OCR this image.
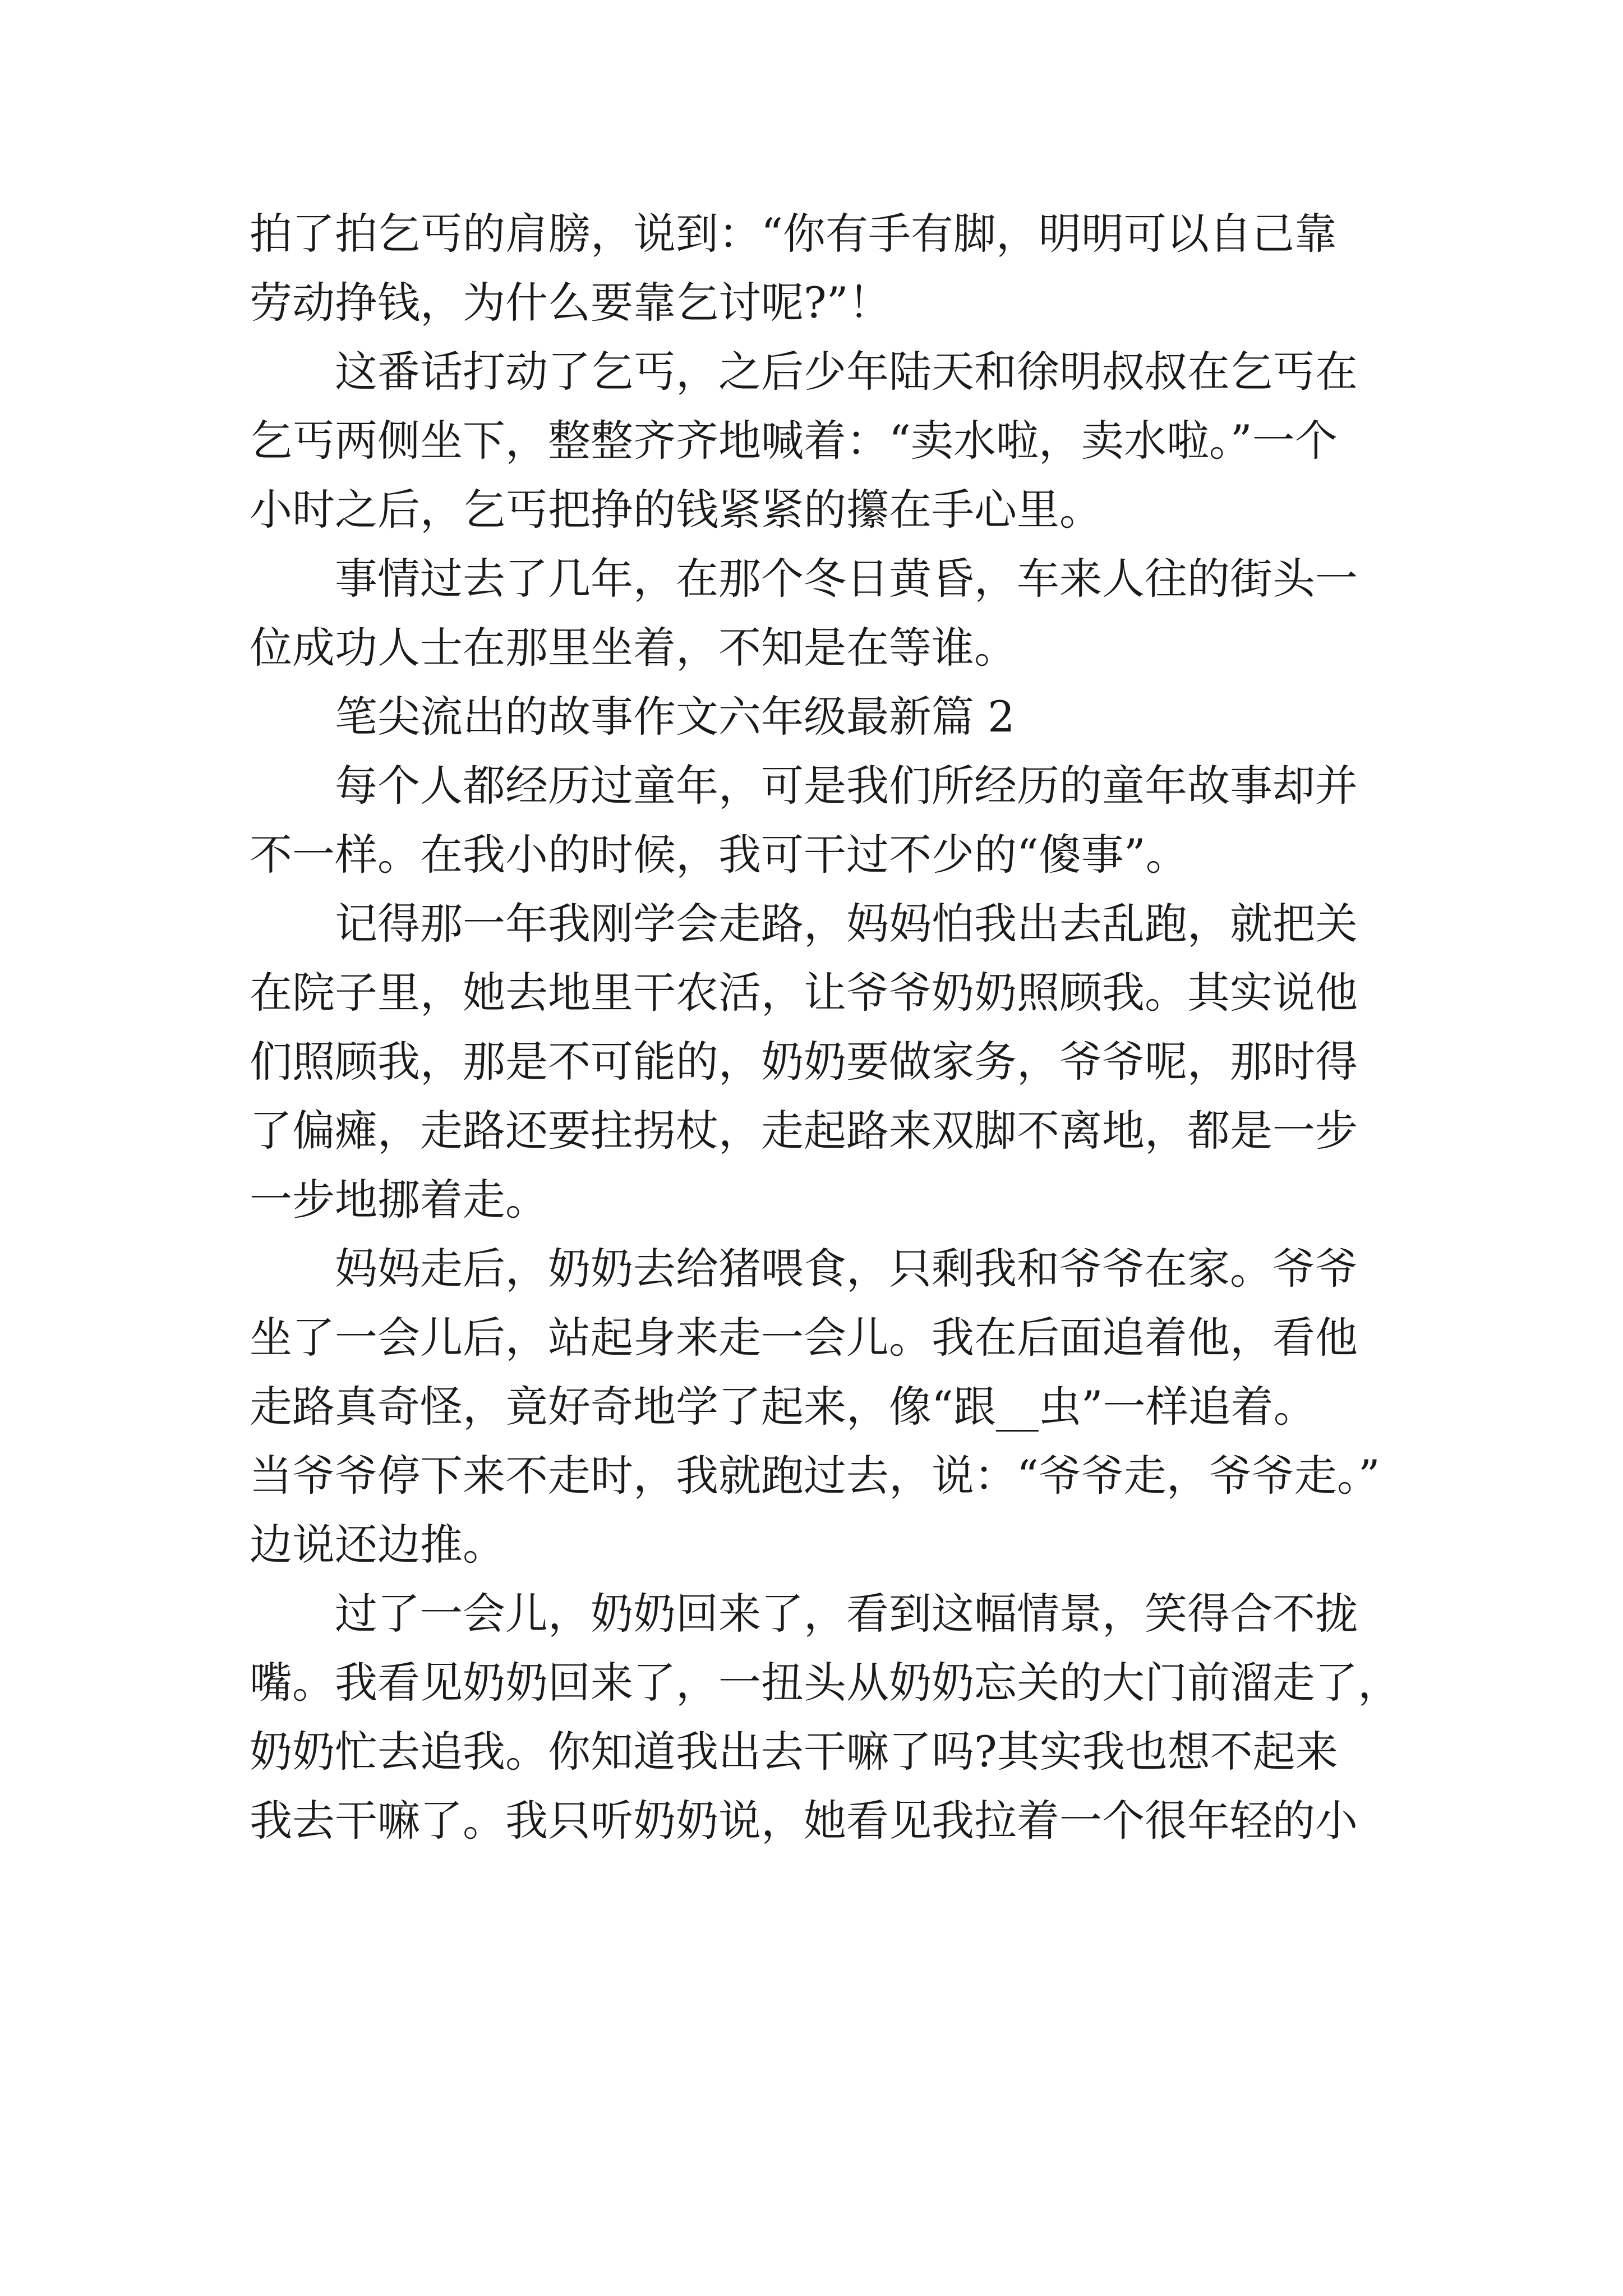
拍了拍乞丐的肩膀，说到：“你有手有脚，明明可以自己靠

劳动挣钱，为什么要靠乞讨呢?”！

这番话打动了乞丐，之后少年陆天和徐明叔叔在乞丐在

乞丐两侧坐下，整整齐齐地喊着：“卖水啦，卖水啦。”一个

小时之后，乞丐把挣的钱紧紧的攥在手心里。

事情过去了几年，在那个冬日黄昏，车来人往的街头一

位成功人士在那里坐着，不知是在等谁。

笔尖流出的故事作文六年级最新篇 2

每个人都经历过童年，可是我们所经历的童年故事却并

不一样。在我小的时候，我可干过不少的“傻事”。

记得那一年我刚学会走路，妈妈怕我出去乱跑，就把关

在院子里，她去地里干农活，让爷爷奶奶照顾我。其实说他

们照顾我，那是不可能的，奶奶要做家务，爷爷呢，那时得

了偏瘫，走路还要拄拐杖，走起路来双脚不离地，都是一步

一步地挪着走。

妈妈走后，奶奶去给猪喂食，只剩我和爷爷在家。爷爷

坐了一会儿后，站起身来走一会儿。我在后面追着他，看他

走路真奇怪，竟好奇地学了起来，像“跟__虫”一样追着。

当爷爷停下来不走时，我就跑过去，说：“爷爷走，爷爷走。”

边说还边推。

过了一会儿，奶奶回来了，看到这幅情景，笑得合不拢

嘴。我看见奶奶回来了，一扭头从奶奶忘关的大门前溜走了，

奶奶忙去追我。你知道我出去干嘛了吗?其实我也想不起来

我去干嘛了。我只听奶奶说，她看见我拉着一个很年轻的小
